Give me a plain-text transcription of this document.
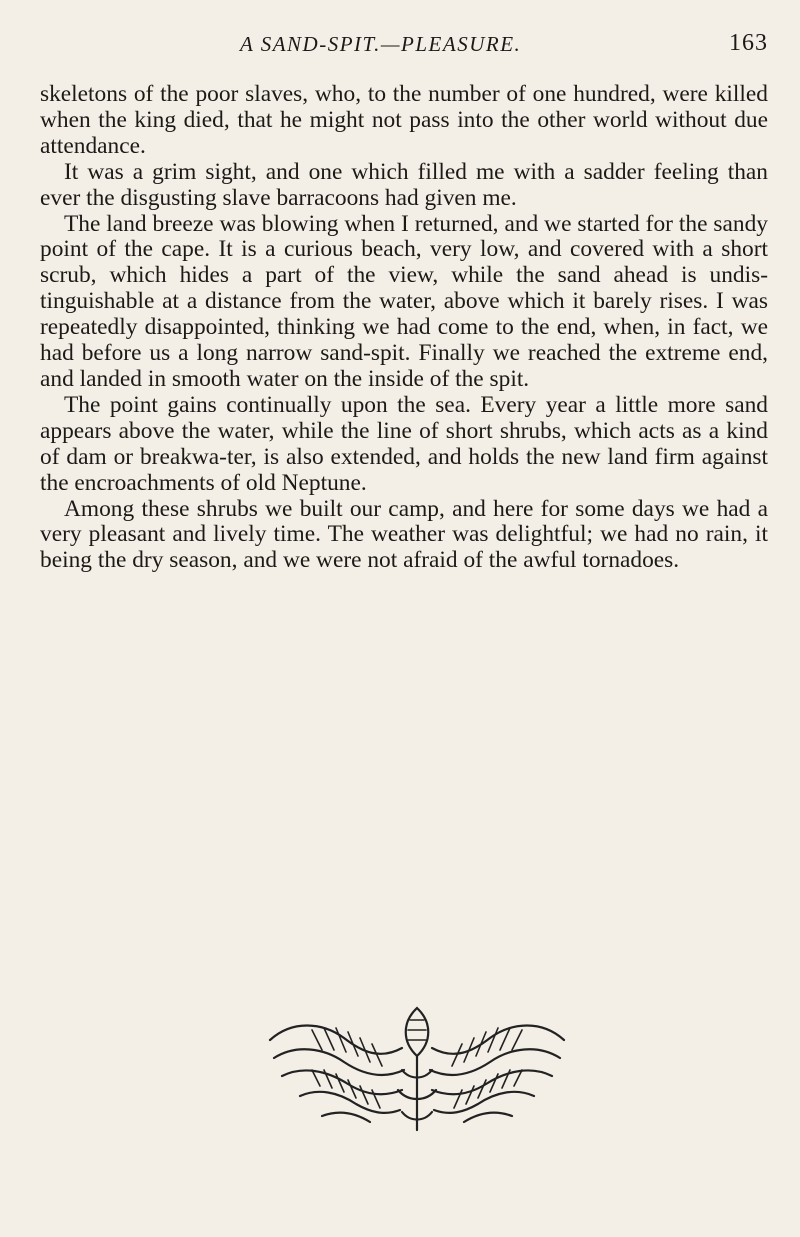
A SAND-SPIT.—PLEASURE.	163

skeletons of the poor slaves, who, to the number of one hundred, were killed when the king died, that he might not pass into the other world without due attendance.

It was a grim sight, and one which filled me with a sadder feeling than ever the disgusting slave barracoons had given me.

The land breeze was blowing when I returned, and we started for the sandy point of the cape. It is a curious beach, very low, and covered with a short scrub, which hides a part of the view, while the sand ahead is undis-tinguishable at a distance from the water, above which it barely rises. I was repeatedly disappointed, thinking we had come to the end, when, in fact, we had before us a long narrow sand-spit. Finally we reached the extreme end, and landed in smooth water on the inside of the spit.

The point gains continually upon the sea. Every year a little more sand appears above the water, while the line of short shrubs, which acts as a kind of dam or breakwa-ter, is also extended, and holds the new land firm against the encroachments of old Neptune.

Among these shrubs we built our camp, and here for some days we had a very pleasant and lively time. The weather was delightful; we had no rain, it being the dry season, and we were not afraid of the awful tornadoes.
